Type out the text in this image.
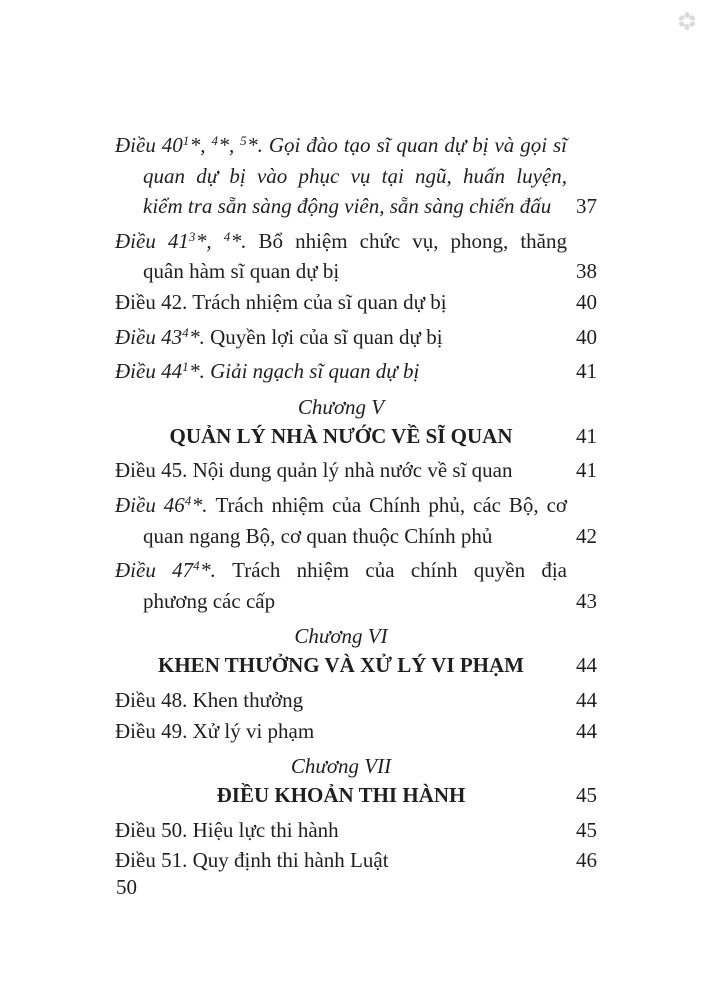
Điều $40^1*$, $^4$*, $^5$*. Gọi đào tạo sĩ quan dự bị và gọi sĩ
quan dự bị vào phục vụ tại ngũ, huấn luyện,
kiểm tra sẵn sàng động viên, sẵn sàng chiến đấu	37
Điều $41^3*$, $^4$*. Bổ nhiệm chức vụ, phong, thăng
quân hàm sĩ quan dự bị	38
Điều 42. Trách nhiệm của sĩ quan dự bị	40
Điều $43^4*$. Quyền lợi của sĩ quan dự bị	40
Điều $44^1*$. Giải ngạch sĩ quan dự bị	41
Chương V
QUẢN LÝ NHÀ NƯỚC VỀ SĨ QUAN	41
Điều 45. Nội dung quản lý nhà nước về sĩ quan	41
Điều $46^4*$. Trách nhiệm của Chính phủ, các Bộ, cơ
quan ngang Bộ, cơ quan thuộc Chính phủ	42
Điều $47^4*$. Trách nhiệm của chính quyền địa
phương các cấp	43
Chương VI
KHEN THƯỞNG VÀ XỬ LÝ VI PHẠM	44
Điều 48. Khen thưởng	44
Điều 49. Xử lý vi phạm	44
Chương VII
ĐIỀU KHOẢN THI HÀNH	45
Điều 50. Hiệu lực thi hành	45
Điều 51. Quy định thi hành Luật	46
50
